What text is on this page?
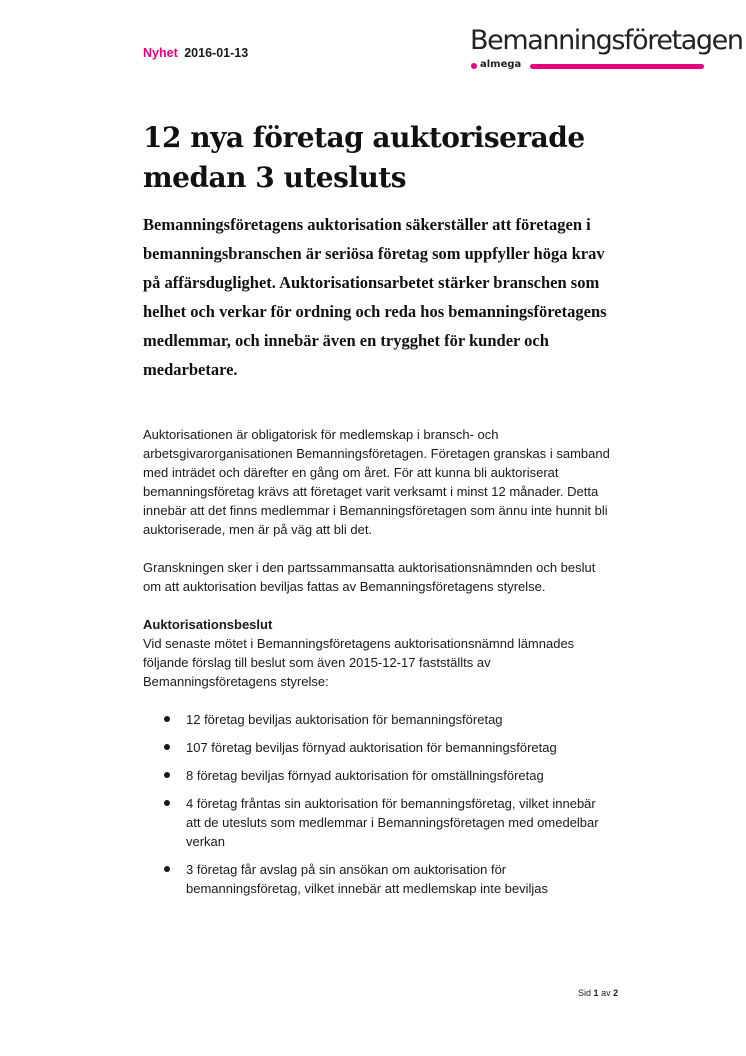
Nyhet 2016-01-13	Bemanningsföretagen
almega
12 nya företag auktoriserade medan 3 utesluts

Bemanningsföretagens auktorisation säkerställer att företagen i bemanningsbranschen är seriösa företag som uppfyller höga krav på affärsduglighet. Auktorisationsarbetet stärker branschen som helhet och verkar för ordning och reda hos bemanningsföretagens medlemmar, och innebär även en trygghet för kunder och medarbetare.

Auktorisationen är obligatorisk för medlemskap i bransch- och arbetsgivarorganisationen Bemanningsföretagen. Företagen granskas i samband med inträdet och därefter en gång om året. För att kunna bli auktoriserat bemanningsföretag krävs att företaget varit verksamt i minst 12 månader. Detta innebär att det finns medlemmar i Bemanningsföretagen som ännu inte hunnit bli auktoriserade, men är på väg att bli det.

Granskningen sker i den partssammansatta auktorisationsnämnden och beslut om att auktorisation beviljas fattas av Bemanningsföretagens styrelse.

Auktorisationsbeslut

Vid senaste mötet i Bemanningsföretagens auktorisationsnämnd lämnades följande förslag till beslut som även 2015-12-17 fastställts av Bemanningsföretagens styrelse:

12 företag beviljas auktorisation för bemanningsföretag
107 företag beviljas förnyad auktorisation för bemanningsföretag
8 företag beviljas förnyad auktorisation för omställningsföretag
4 företag fråntas sin auktorisation för bemanningsföretag, vilket innebär att de utesluts som medlemmar i Bemanningsföretagen med omedelbar verkan
3 företag får avslag på sin ansökan om auktorisation för bemanningsföretag, vilket innebär att medlemskap inte beviljas
Sid 1 av 2
